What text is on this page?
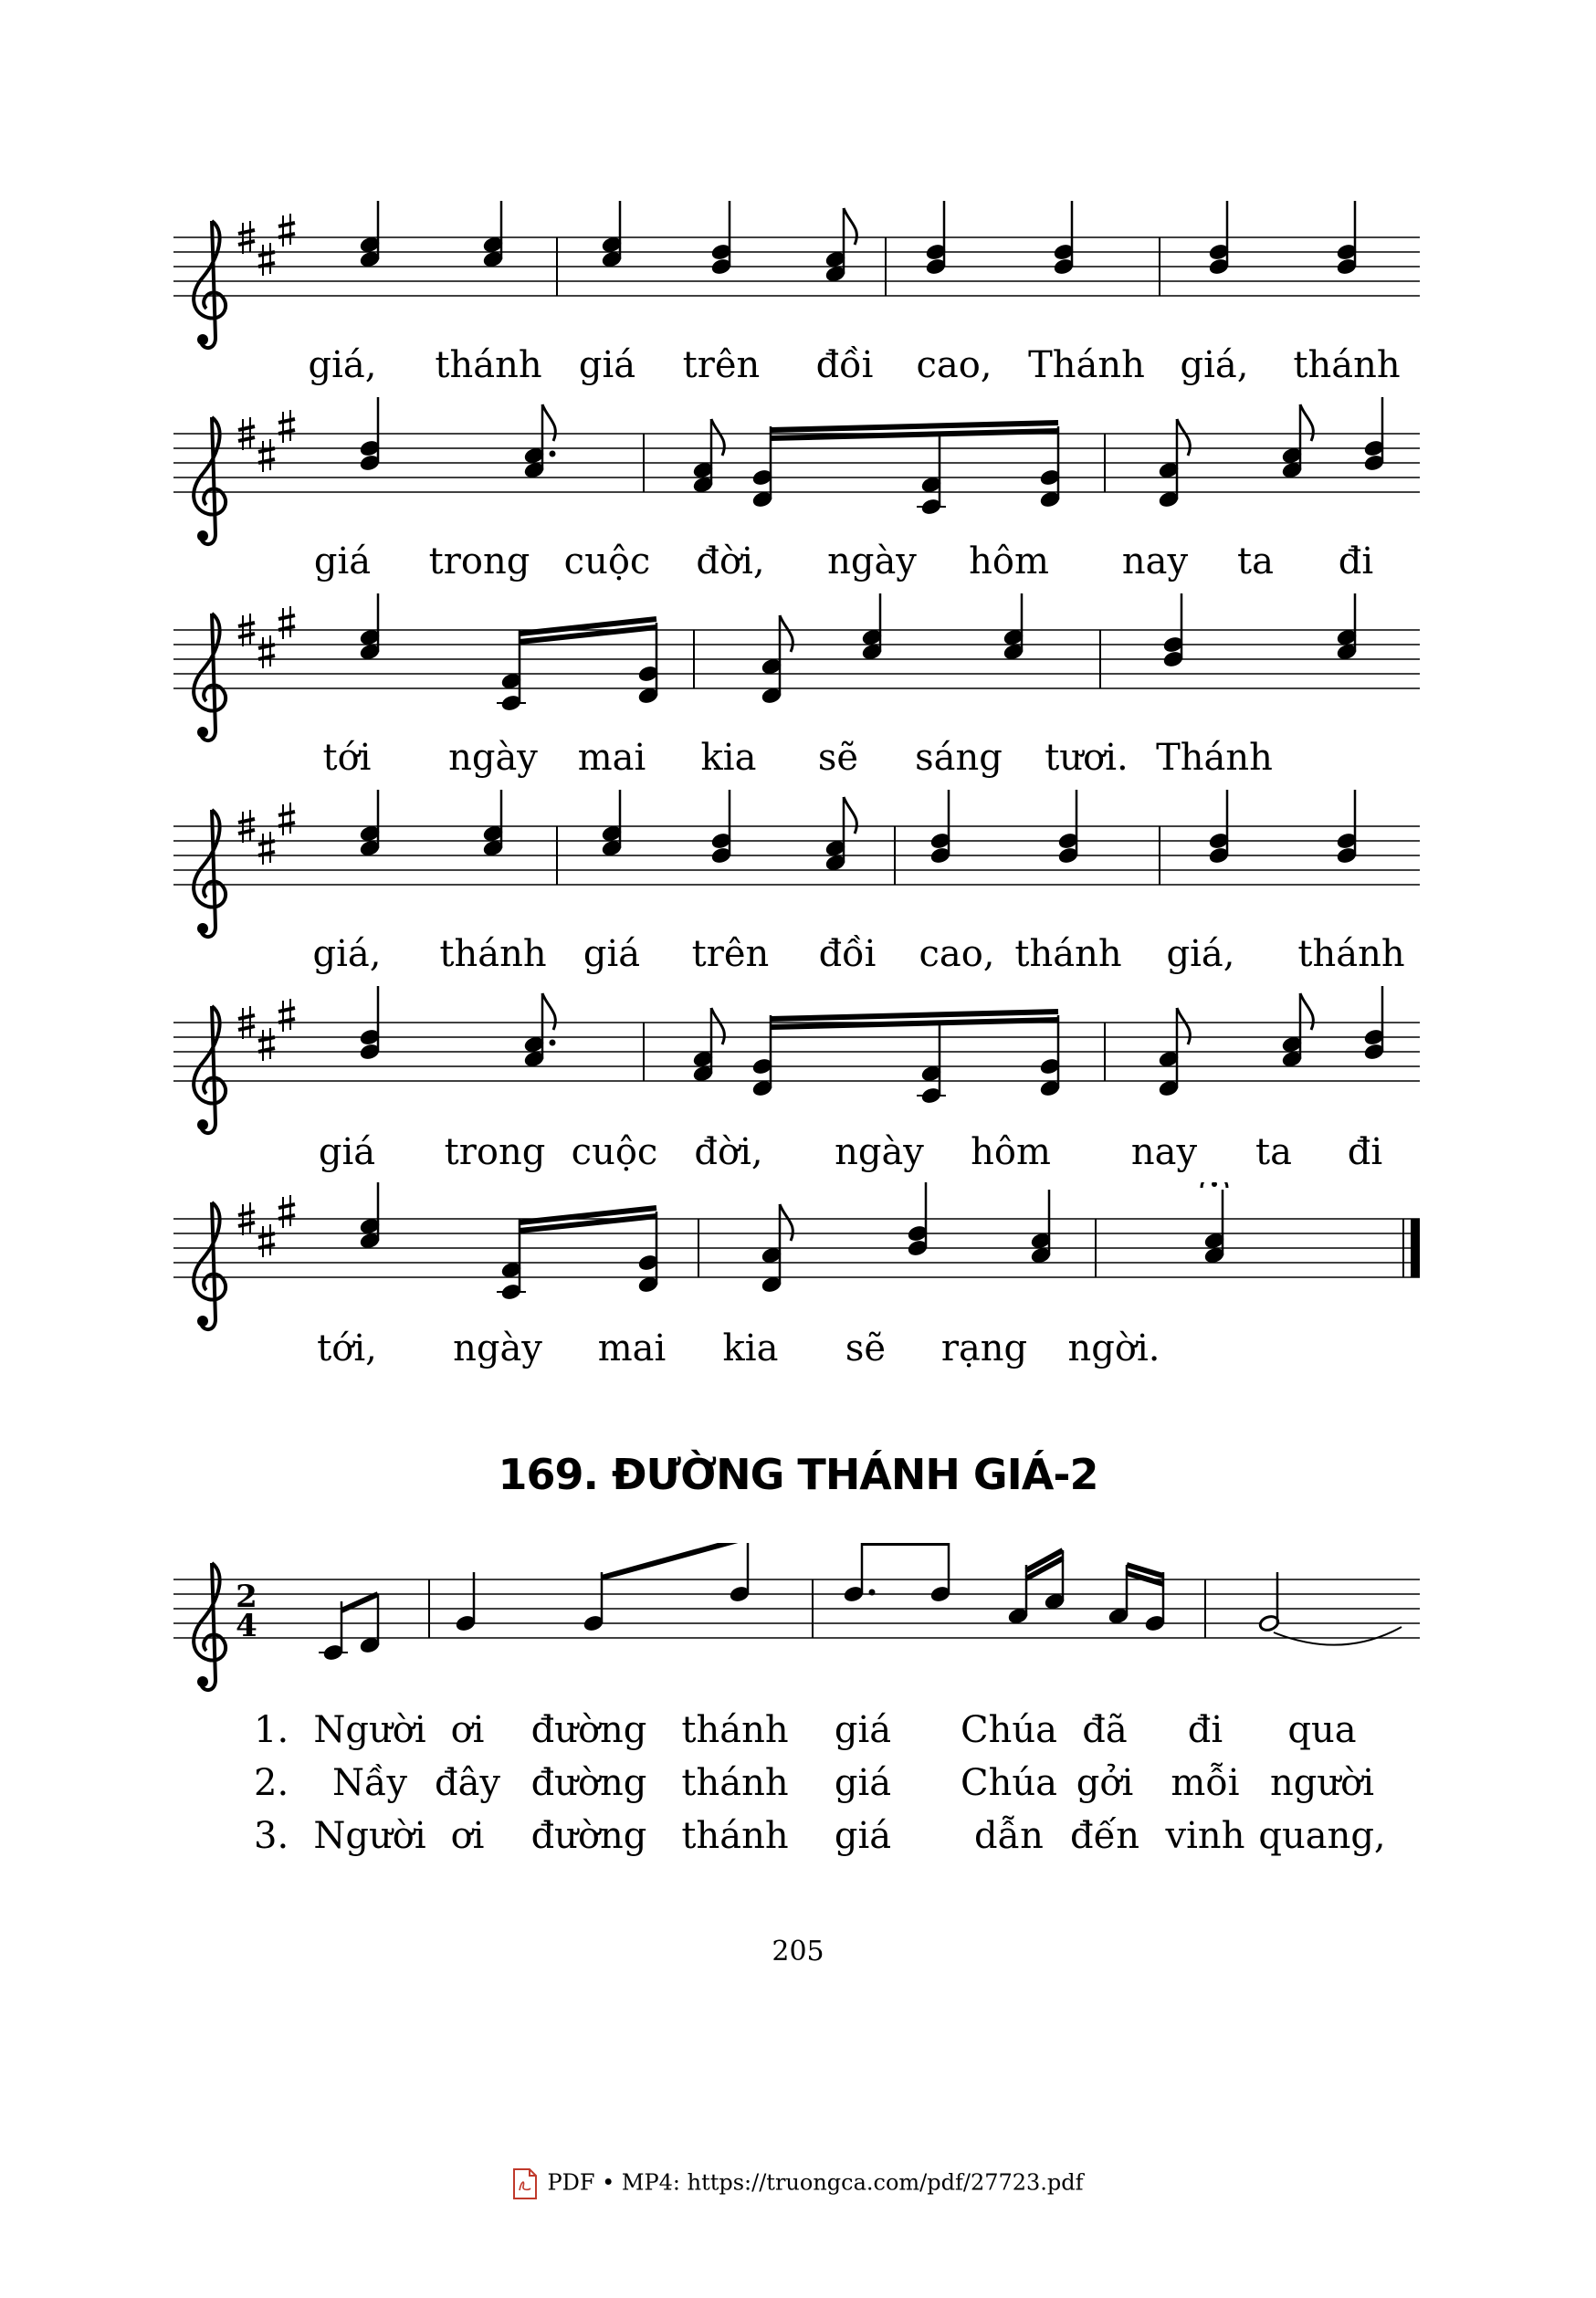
giá, thánh giá trên đồi cao, Thánh giá, thánh
giá trong cuộc đời, ngày hôm nay ta đi
tới ngày mai kia sẽ sáng tươi. Thánh
giá, thánh giá trên đồi cao, thánh giá, thánh
giá trong cuộc đời, ngày hôm nay ta đi
tới, ngày mai kia sẽ rạng ngời.
169. ĐƯỜNG THÁNH GIÁ-2
2
4
1. Người ơi đường thánh giá Chúa đã đi qua
2. Nầy đây đường thánh giá Chúa gởi mỗi người
3. Người ơi đường thánh giá dẫn đến vinh quang,
205
PDF • MP4: https://truongca.com/pdf/27723.pdf
